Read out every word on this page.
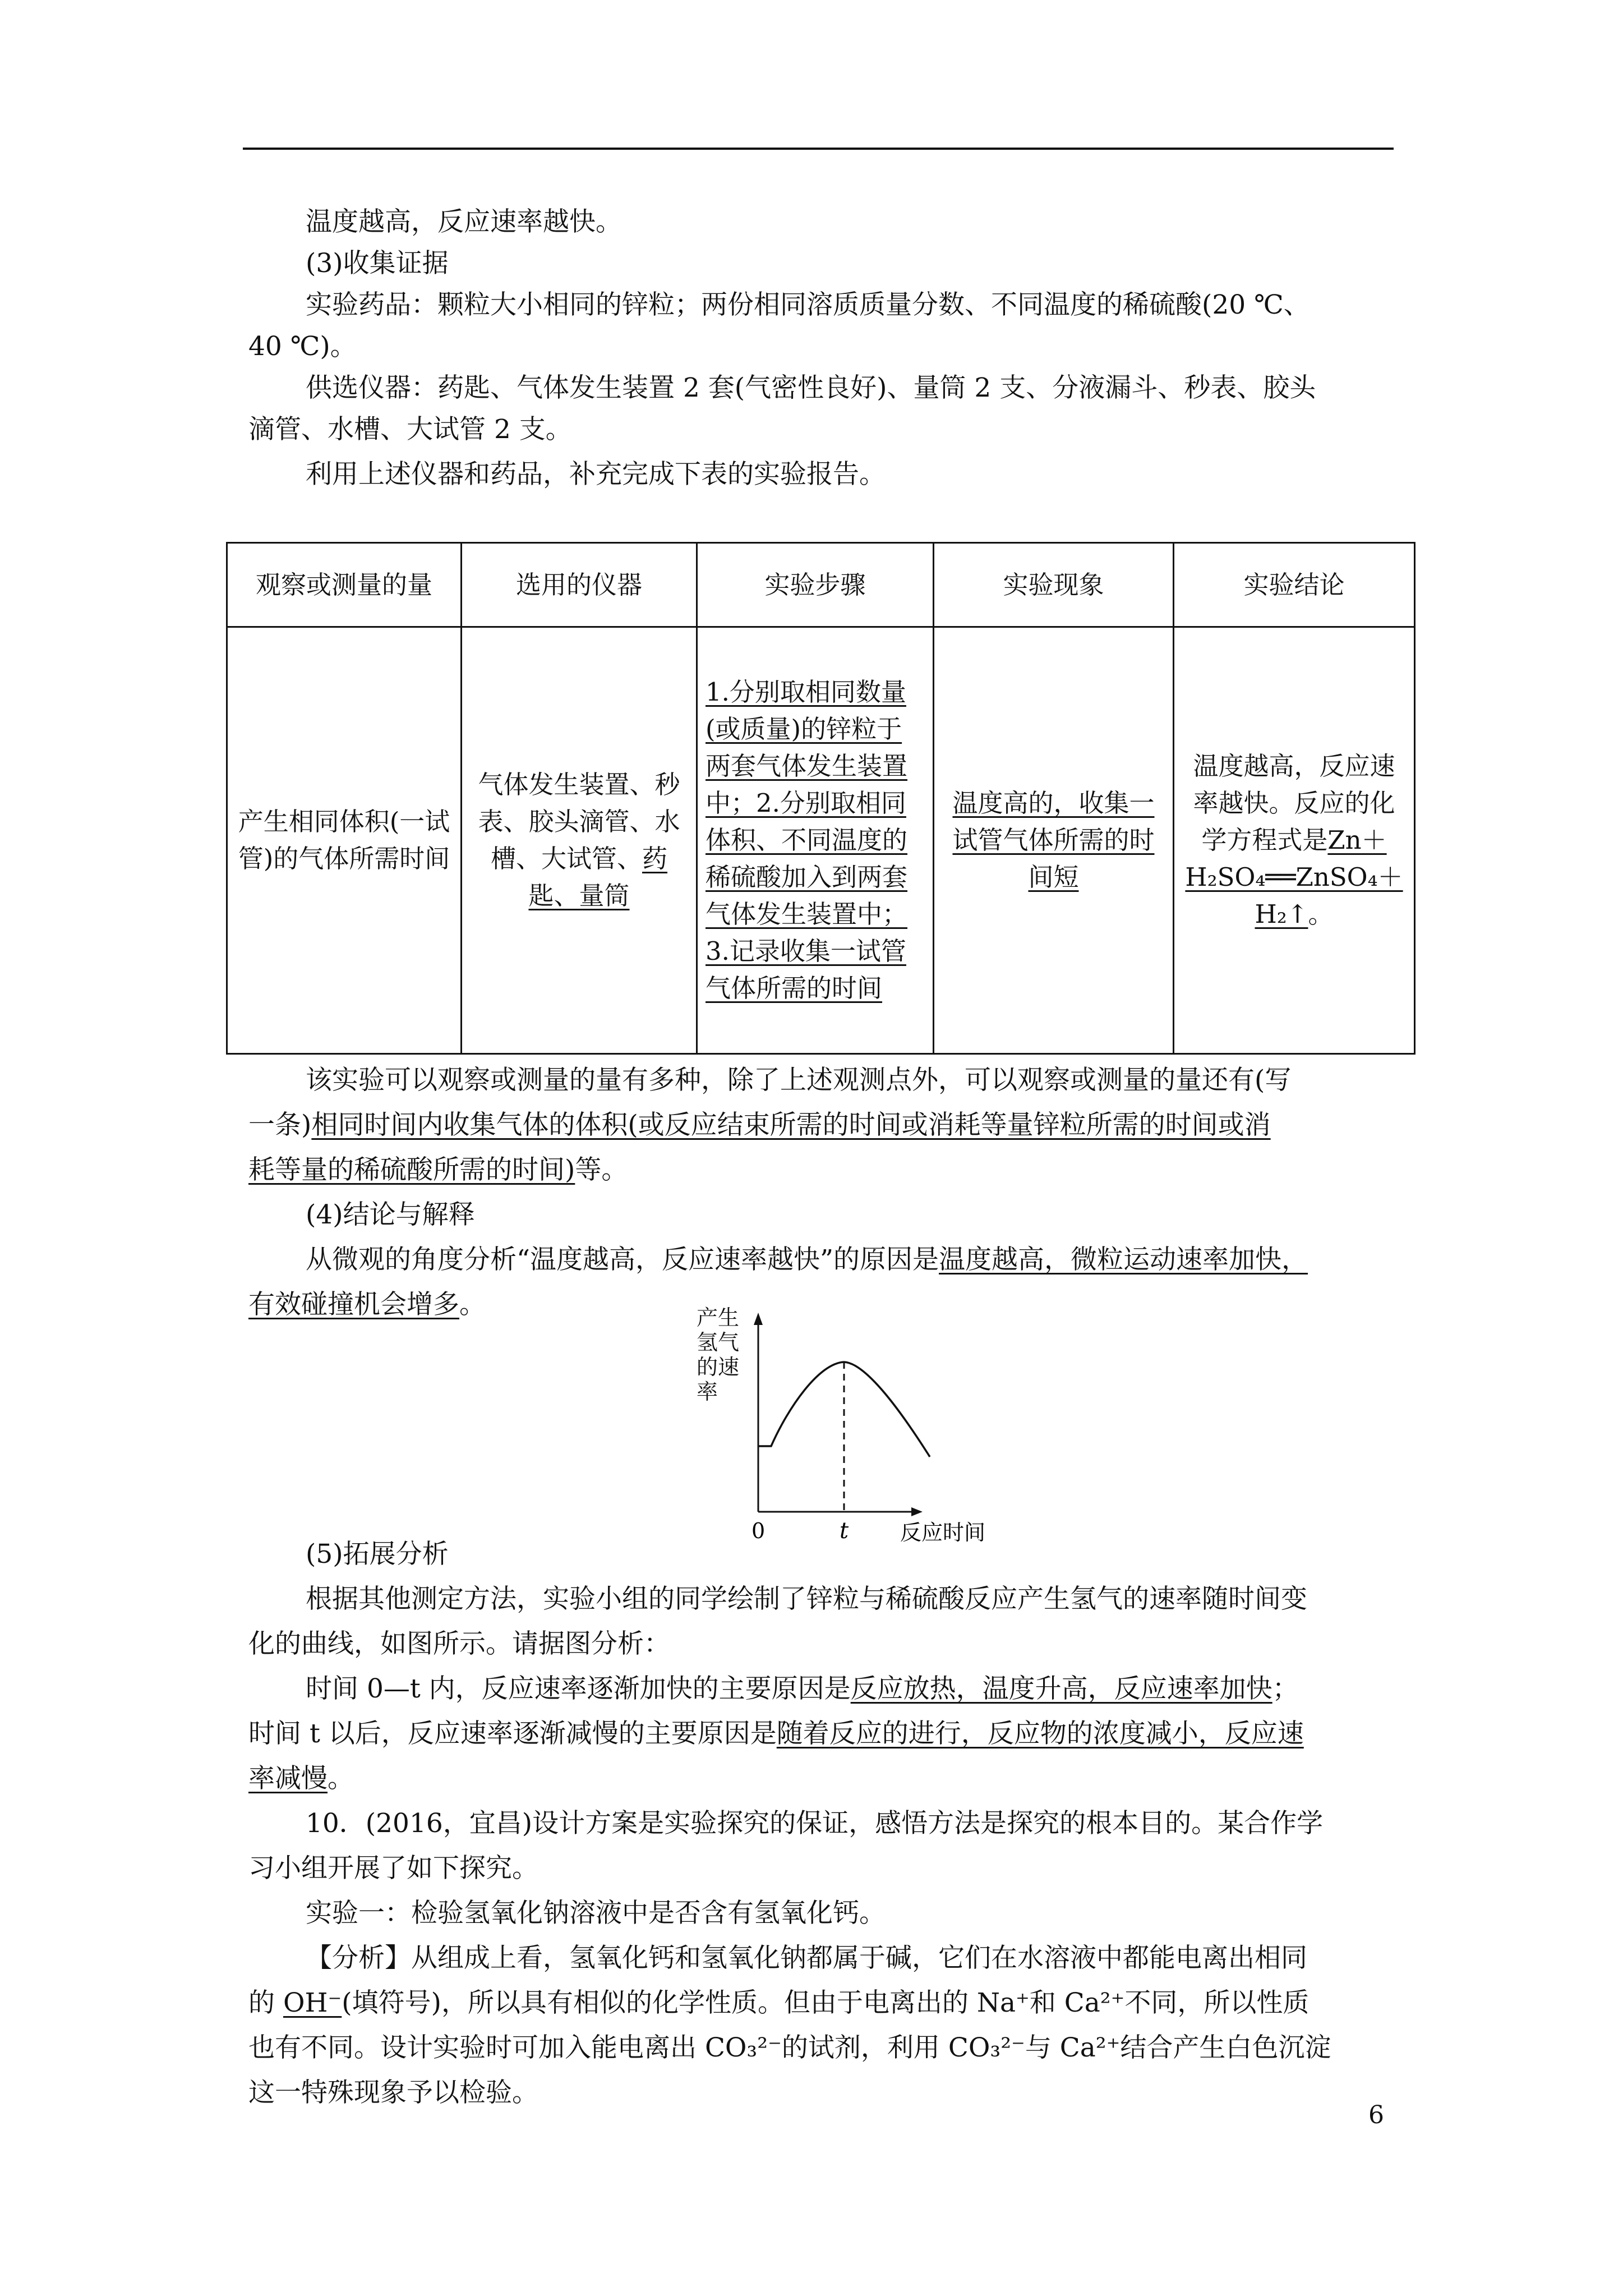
温度越高，反应速率越快。
(3)收集证据
实验药品：颗粒大小相同的锌粒；两份相同溶质质量分数、不同温度的稀硫酸(20 ℃、
40 ℃)。
供选仪器：药匙、气体发生装置 2 套(气密性良好)、量筒 2 支、分液漏斗、秒表、胶头
滴管、水槽、大试管 2 支。
利用上述仪器和药品，补充完成下表的实验报告。
观察或测量的量	选用的仪器	实验步骤	实验现象	实验结论
产生相同体积(一试管)的气体所需时间	气体发生装置、秒表、胶头滴管、水槽、大试管、药匙、量筒	1.分别取相同数量(或质量)的锌粒于两套气体发生装置中；2.分别取相同体积、不同温度的稀硫酸加入到两套气体发生装置中；3.记录收集一试管气体所需的时间	温度高的，收集一试管气体所需的时间短	温度越高，反应速率越快。反应的化学方程式是Zn＋H₂SO₄══ZnSO₄＋H₂↑。
该实验可以观察或测量的量有多种，除了上述观测点外，可以观察或测量的量还有(写
一条)相同时间内收集气体的体积(或反应结束所需的时间或消耗等量锌粒所需的时间或消
耗等量的稀硫酸所需的时间)等。
(4)结论与解释
从微观的角度分析“温度越高，反应速率越快”的原因是温度越高，微粒运动速率加快，
有效碰撞机会增多。	产生
氢气
的速
率
0	t 反应时间
(5)拓展分析
根据其他测定方法，实验小组的同学绘制了锌粒与稀硫酸反应产生氢气的速率随时间变
化的曲线，如图所示。请据图分析：
时间 0—t 内，反应速率逐渐加快的主要原因是反应放热，温度升高，反应速率加快；
时间 t 以后，反应速率逐渐减慢的主要原因是随着反应的进行，反应物的浓度减小，反应速
率减慢。
10．(2016，宜昌)设计方案是实验探究的保证，感悟方法是探究的根本目的。某合作学
习小组开展了如下探究。
实验一：检验氢氧化钠溶液中是否含有氢氧化钙。
【分析】从组成上看，氢氧化钙和氢氧化钠都属于碱，它们在水溶液中都能电离出相同
的 OH⁻(填符号)，所以具有相似的化学性质。但由于电离出的 Na⁺和 Ca²⁺不同，所以性质
也有不同。设计实验时可加入能电离出 CO₃²⁻的试剂，利用 CO₃²⁻与 Ca²⁺结合产生白色沉淀
这一特殊现象予以检验。
6
